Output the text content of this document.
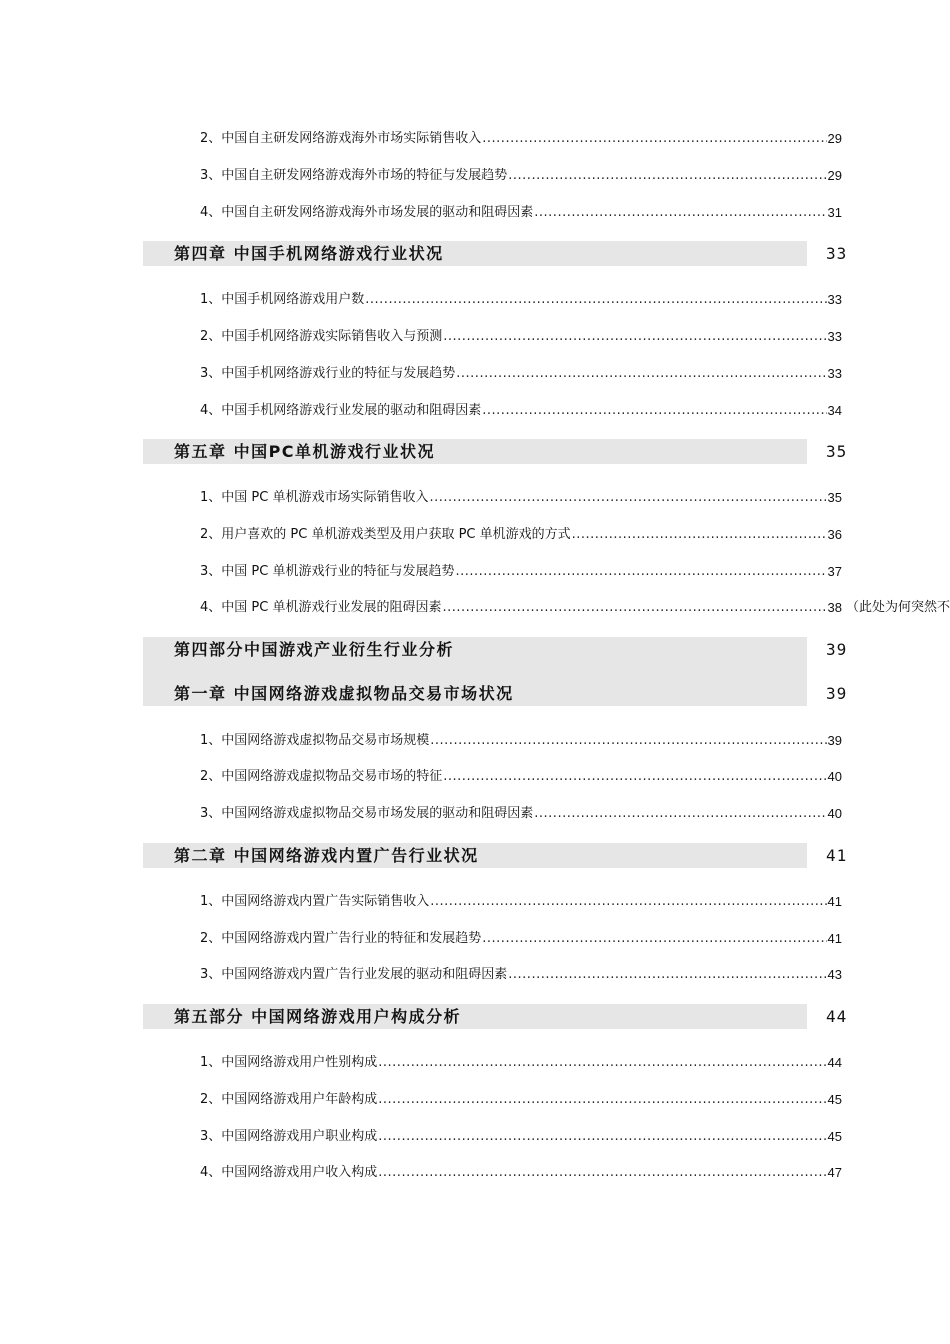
2、中国自主研发网络游戏海外市场实际销售收入 .....	29
3、中国自主研发网络游戏海外市场的特征与发展趋势 .....	29
4、中国自主研发网络游戏海外市场发展的驱动和阻碍因素 .....	31
第四章 中国手机网络游戏行业状况	33
1、中国手机网络游戏用户数 .....	33
2、中国手机网络游戏实际销售收入与预测 .....	33
3、中国手机网络游戏行业的特征与发展趋势 .....	33
4、中国手机网络游戏行业发展的驱动和阻碍因素 .....	34
第五章 中国PC单机游戏行业状况	35
1、中国 PC 单机游戏市场实际销售收入 .....	35
2、用户喜欢的 PC 单机游戏类型及用户获取 PC 单机游戏的方式 .....	36
3、中国 PC 单机游戏行业的特征与发展趋势 .....	37
4、中国 PC 单机游戏行业发展的阻碍因素 .....	38 （此处为何突然不
第四部分中国游戏产业衍生行业分析	39
第一章 中国网络游戏虚拟物品交易市场状况	39
1、中国网络游戏虚拟物品交易市场规模 .....	39
2、中国网络游戏虚拟物品交易市场的特征 .....	40
3、中国网络游戏虚拟物品交易市场发展的驱动和阻碍因素 .....	40
第二章 中国网络游戏内置广告行业状况	41
1、中国网络游戏内置广告实际销售收入 .....	41
2、中国网络游戏内置广告行业的特征和发展趋势 .....	41
3、中国网络游戏内置广告行业发展的驱动和阻碍因素 .....	43
第五部分 中国网络游戏用户构成分析	44
1、中国网络游戏用户性别构成 .....	44
2、中国网络游戏用户年龄构成 .....	45
3、中国网络游戏用户职业构成 .....	45
4、中国网络游戏用户收入构成 .....	47
